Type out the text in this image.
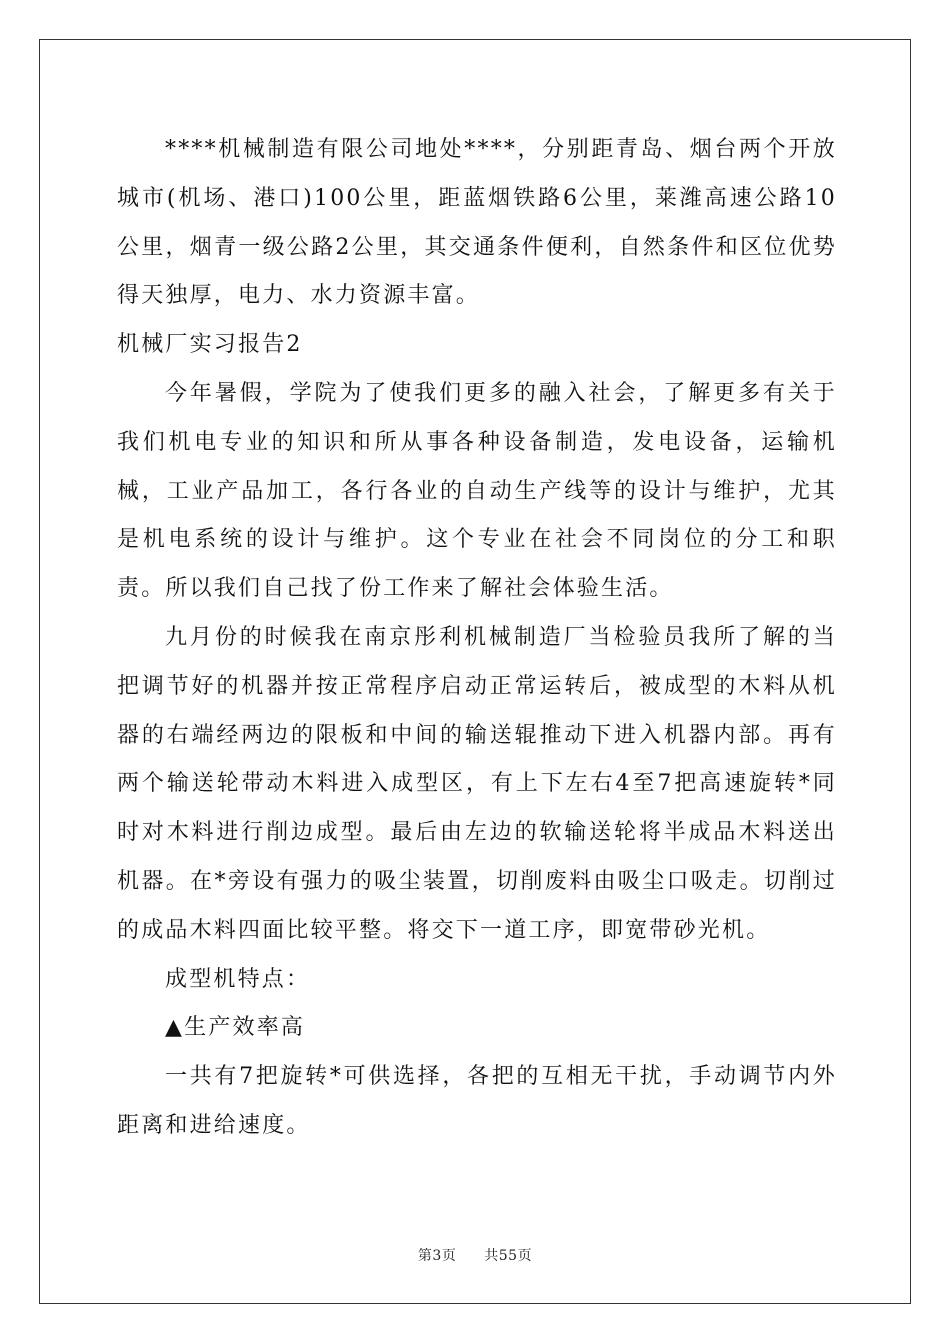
****机械制造有限公司地处****，分别距青岛、烟台两个开放城市(机场、港口)100公里，距蓝烟铁路6公里，莱潍高速公路10公里，烟青一级公路2公里，其交通条件便利，自然条件和区位优势得天独厚，电力、水力资源丰富。

机械厂实习报告2

今年暑假，学院为了使我们更多的融入社会，了解更多有关于我们机电专业的知识和所从事各种设备制造，发电设备，运输机械，工业产品加工，各行各业的自动生产线等的设计与维护，尤其是机电系统的设计与维护。这个专业在社会不同岗位的分工和职责。所以我们自己找了份工作来了解社会体验生活。

九月份的时候我在南京彤利机械制造厂当检验员我所了解的当把调节好的机器并按正常程序启动正常运转后，被成型的木料从机器的右端经两边的限板和中间的输送辊推动下进入机器内部。再有两个输送轮带动木料进入成型区，有上下左右4至7把高速旋转*同时对木料进行削边成型。最后由左边的软输送轮将半成品木料送出机器。在*旁设有强力的吸尘装置，切削废料由吸尘口吸走。切削过的成品木料四面比较平整。将交下一道工序，即宽带砂光机。

成型机特点：

▲生产效率高

一共有7把旋转*可供选择，各把的互相无干扰，手动调节内外距离和进给速度。

第3页 共55页
